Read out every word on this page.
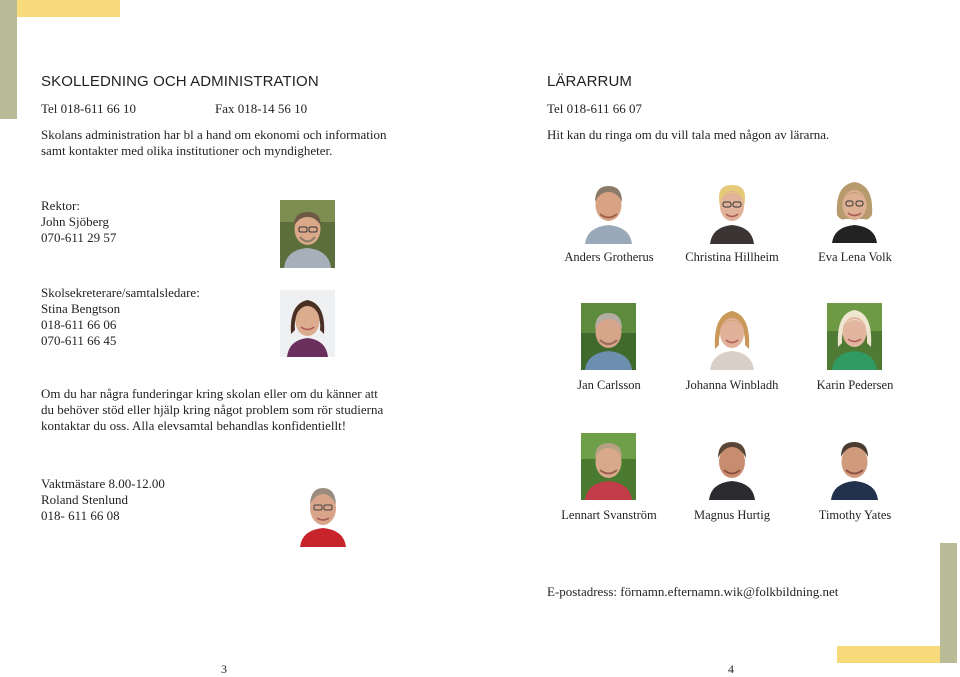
SKOLLEDNING OCH ADMINISTRATION
Tel 018-611 66 10	Fax 018-14 56 10
Skolans administration har bl a hand om ekonomi och information
samt kontakter med olika institutioner och myndigheter.
Rektor:
John Sjöberg
070-611 29 57
Skolsekreterare/samtalsledare:
Stina Bengtson
018-611 66 06
070-611 66 45
Om du har några funderingar kring skolan eller om du känner att
du behöver stöd eller hjälp kring något problem som rör studierna
kontaktar du oss. Alla elevsamtal behandlas konfidentiellt!
Vaktmästare 8.00-12.00
Roland Stenlund
018- 611 66 08
3
LÄRARRUM
Tel 018-611 66 07
Hit kan du ringa om du vill tala med någon av lärarna.
Anders Grotherus	Christina Hillheim	Eva Lena Volk
Jan Carlsson	Johanna Winbladh	Karin Pedersen
Lennart Svanström	Magnus Hurtig	Timothy Yates
E-postadress: förnamn.efternamn.wik@folkbildning.net
4
